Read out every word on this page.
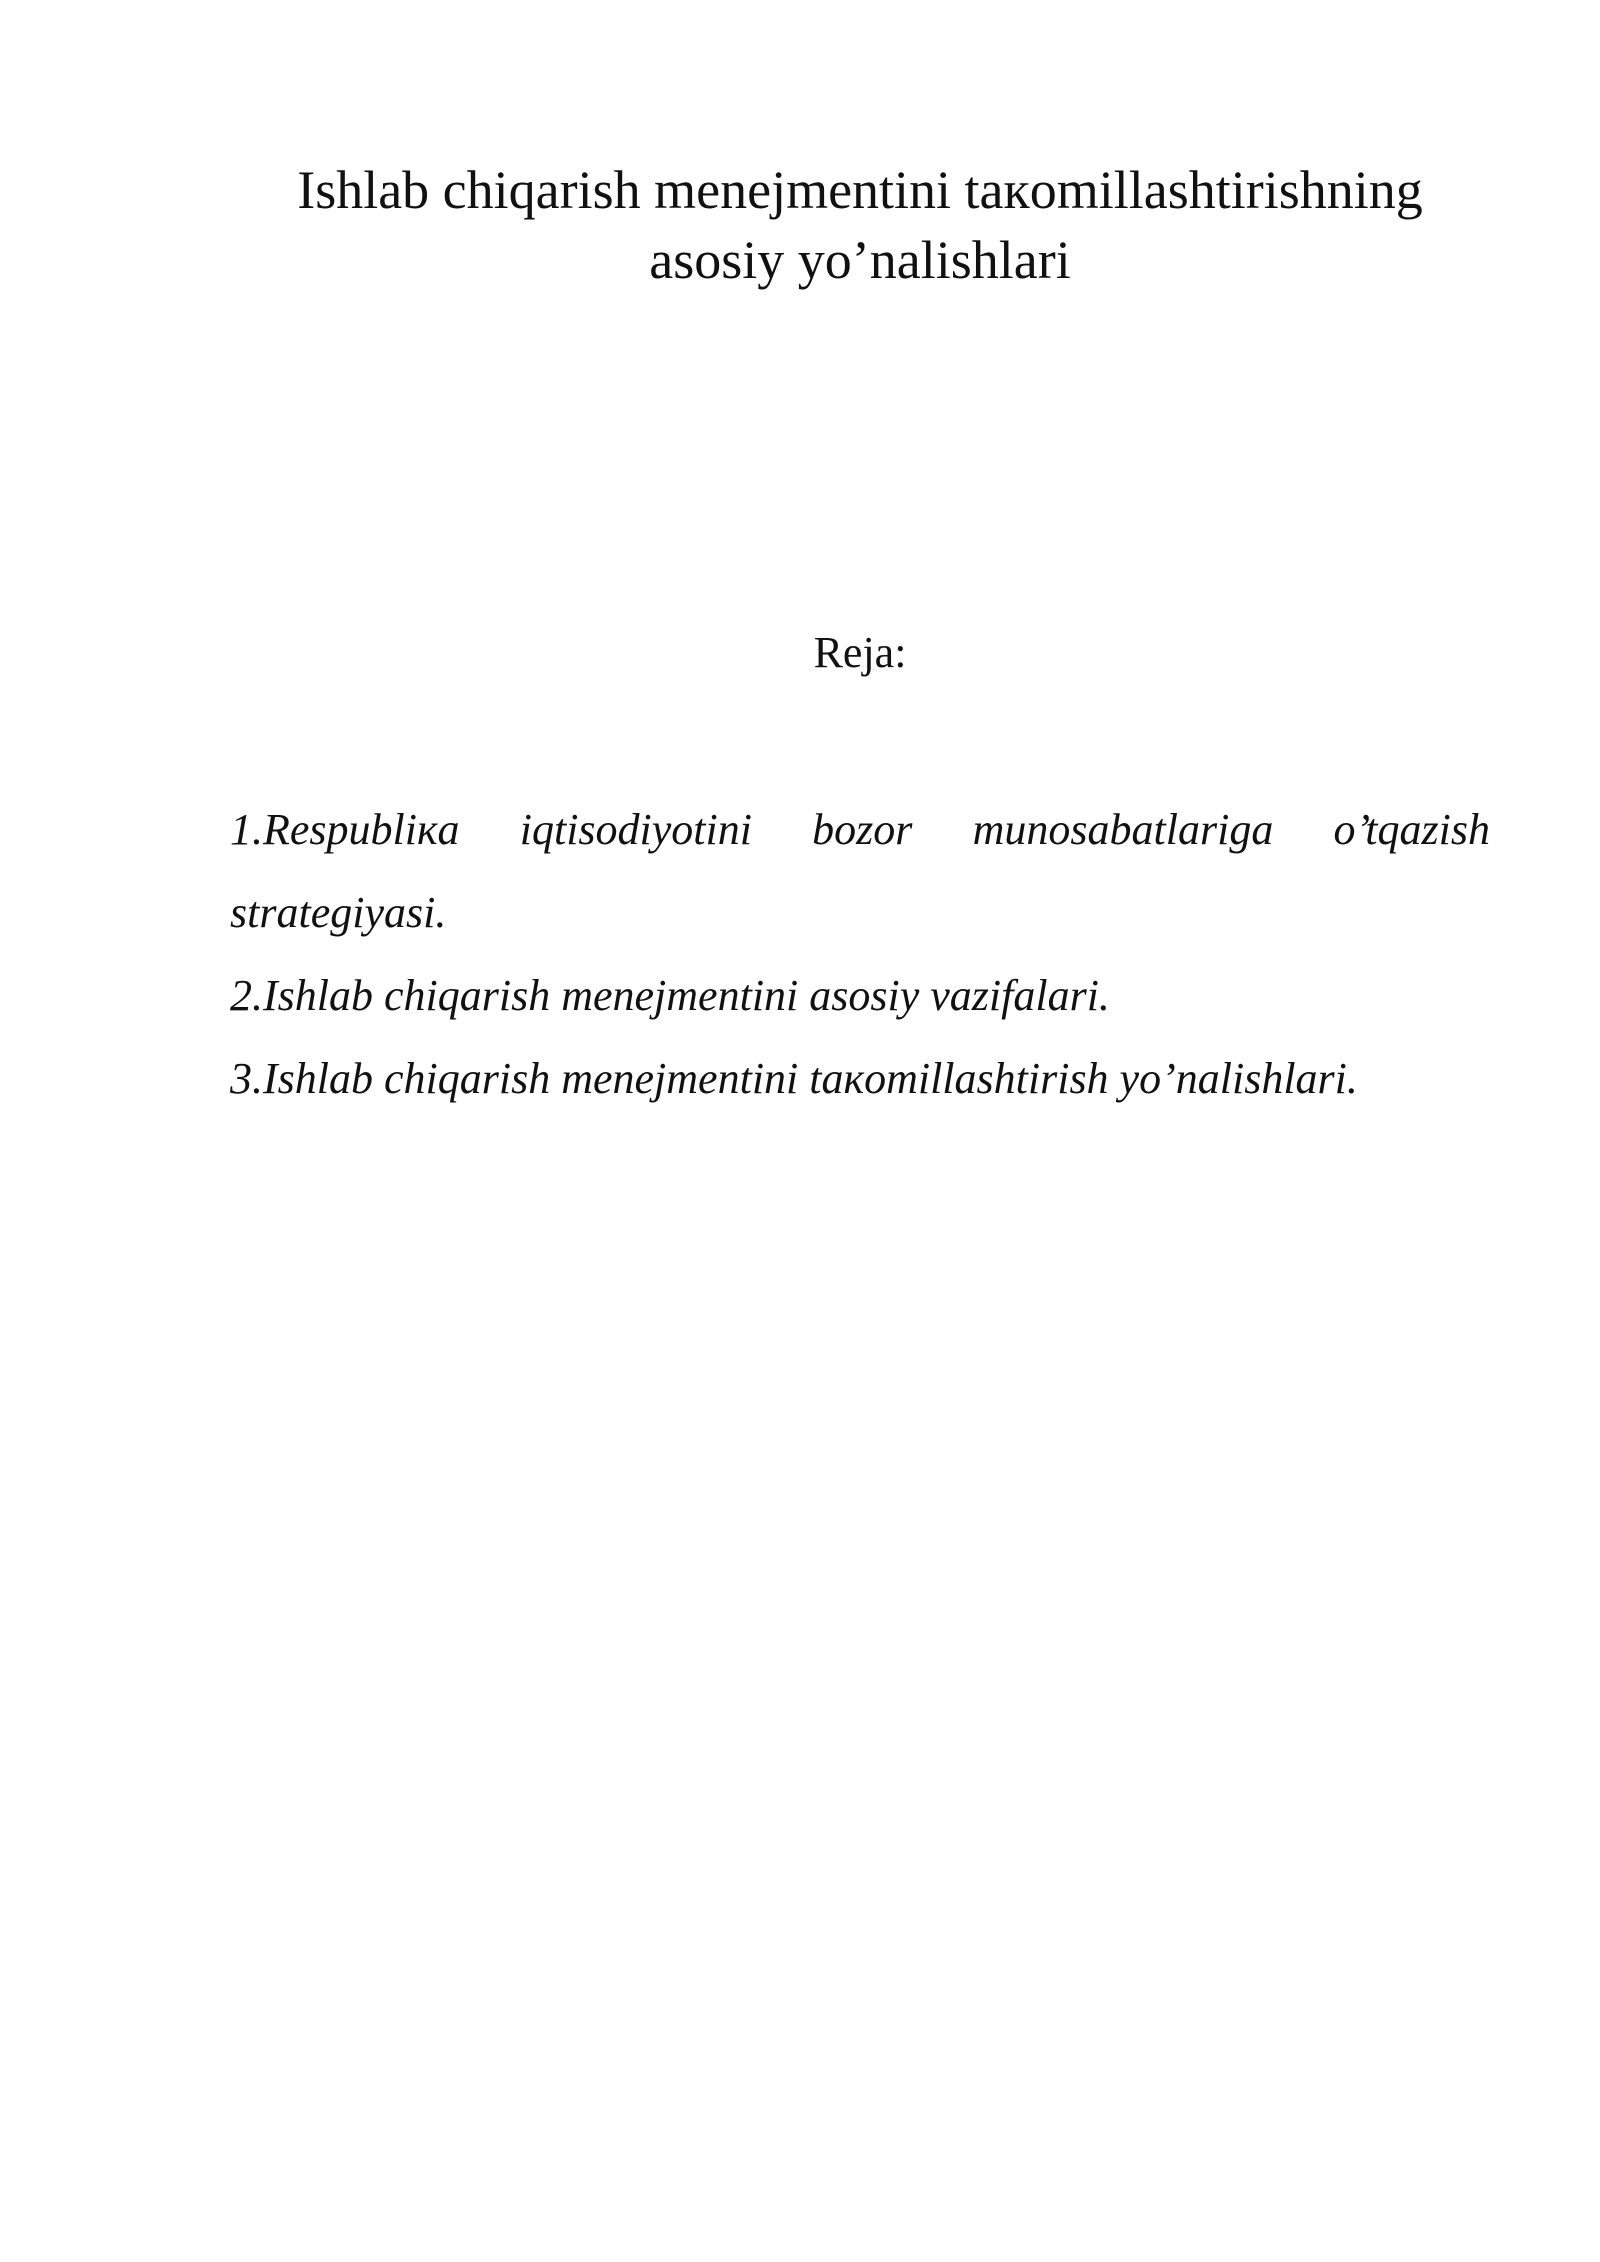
Ishlab chiqarish menejmentini taкomillashtirishning
asosiy yo’nalishlari
Reja:
1.Respubliкa iqtisodiyotini bozor munosabatlariga o’tqazish
strategiyasi.
2.Ishlab chiqarish menejmentini asosiy vazifalari.
3.Ishlab chiqarish menejmentini taкomillashtirish yo’nalishlari.
